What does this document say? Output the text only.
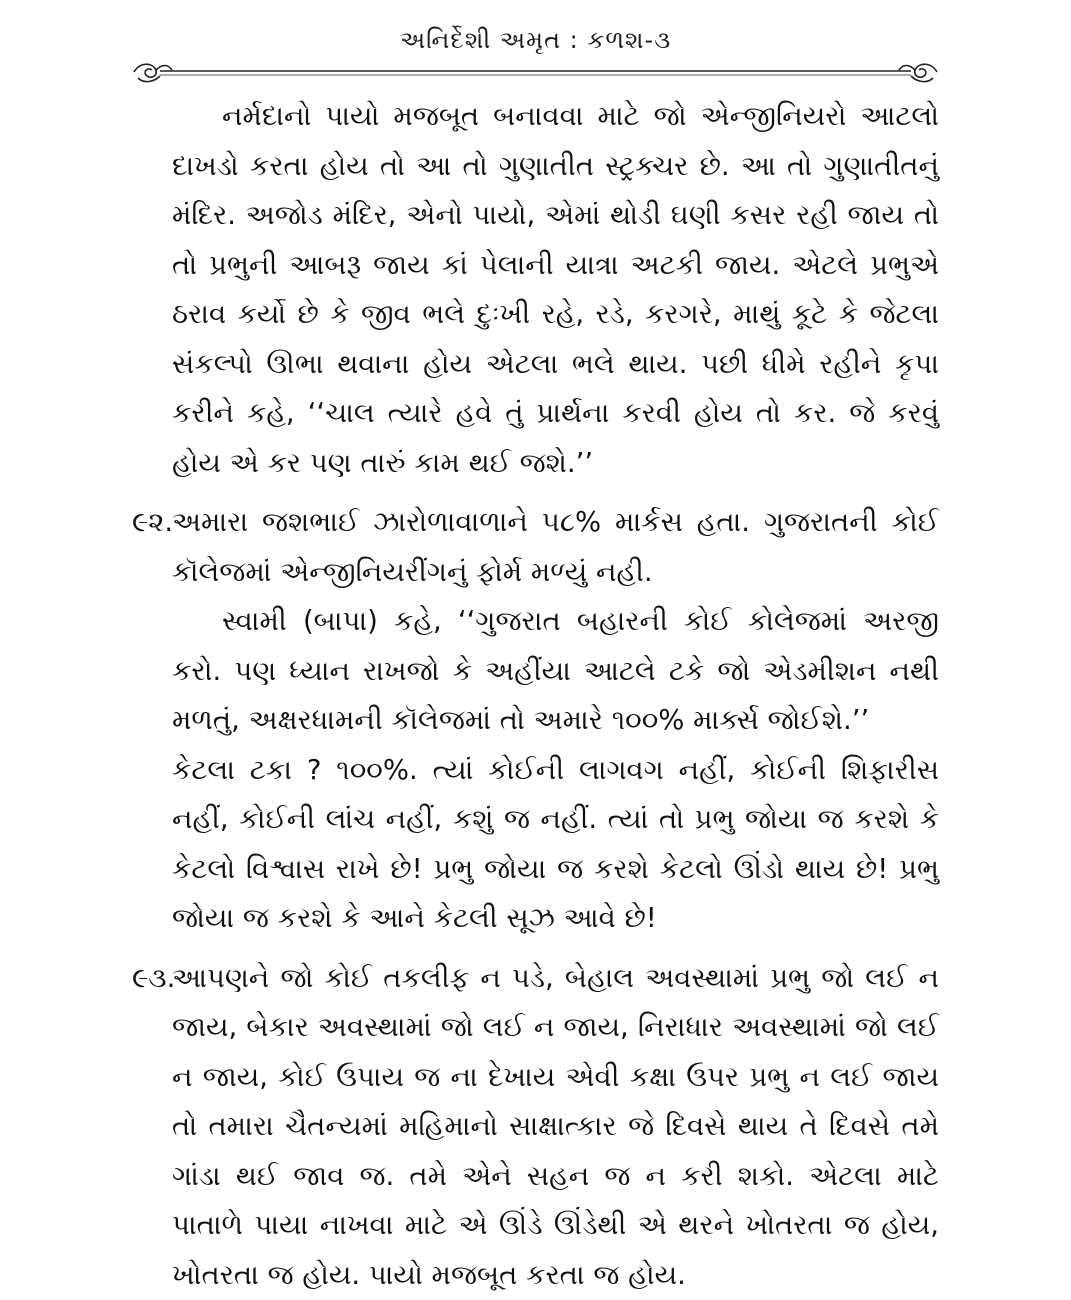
અનિર્દેશી અમૃત : કળશ-૩

નર્મદાનો પાયો મજબૂત બનાવવા માટે જો એન્જીનિયરો આટલો દાખડો કરતા હોય તો આ તો ગુણાતીત સ્ટ્રક્ચર છે. આ તો ગુણાતીતનું મંદિર. અજોડ મંદિર, એનો પાયો, એમાં થોડી ઘણી કસર રહી જાય તો તો પ્રભુની આબરૂ જાય કાં પેલાની યાત્રા અટકી જાય. એટલે પ્રભુએ ઠરાવ કર્યો છે કે જીવ ભલે દુઃખી રહે, રડે, કરગરે, માથું કૂટે કે જેટલા સંકલ્પો ઊભા થવાના હોય એટલા ભલે થાય. પછી ધીમે રહીને કૃપા કરીને કહે, ‘‘ચાલ ત્યારે હવે તું પ્રાર્થના કરવી હોય તો કર. જે કરવું હોય એ કર પણ તારું કામ થઈ જશે.’’

૯૨.
અમારા જશભાઈ ઝારોળાવાળાને ૫૮% માર્કસ હતા. ગુજરાતની કોઈ કૉલેજમાં એન્જીનિયરીંગનું ફોર્મ મળ્યું નહી.

સ્વામી (બાપા) કહે, ‘‘ગુજરાત બહારની કોઈ કોલેજમાં અરજી કરો. પણ ધ્યાન રાખજો કે અહીંયા આટલે ટકે જો એડમીશન નથી મળતું, અક્ષરધામની કૉલેજમાં તો અમારે ૧૦૦% માર્ક્સ જોઈશે.’’

કેટલા ટકા ? ૧૦૦%. ત્યાં કોઈની લાગવગ નહીં, કોઈની શિફારીસ નહીં, કોઈની લાંચ નહીં, કશું જ નહીં. ત્યાં તો પ્રભુ જોયા જ કરશે કે કેટલો વિશ્વાસ રાખે છે! પ્રભુ જોયા જ કરશે કેટલો ઊંડો થાય છે! પ્રભુ જોયા જ કરશે કે આને કેટલી સૂઝ આવે છે!

૯૩.
આપણને જો કોઈ તકલીફ ન પડે, બેહાલ અવસ્થામાં પ્રભુ જો લઈ ન જાય, બેકાર અવસ્થામાં જો લઈ ન જાય, નિરાધાર અવસ્થામાં જો લઈ ન જાય, કોઈ ઉપાય જ ના દેખાય એવી કક્ષા ઉપર પ્રભુ ન લઈ જાય તો તમારા ચૈતન્યમાં મહિમાનો સાક્ષાત્કાર જે દિવસે થાય તે દિવસે તમે ગાંડા થઈ જાવ જ. તમે એને સહન જ ન કરી શકો. એટલા માટે પાતાળે પાયા નાખવા માટે એ ઊંડે ઊંડેથી એ થરને ખોતરતા જ હોય, ખોતરતા જ હોય. પાયો મજબૂત કરતા જ હોય.
